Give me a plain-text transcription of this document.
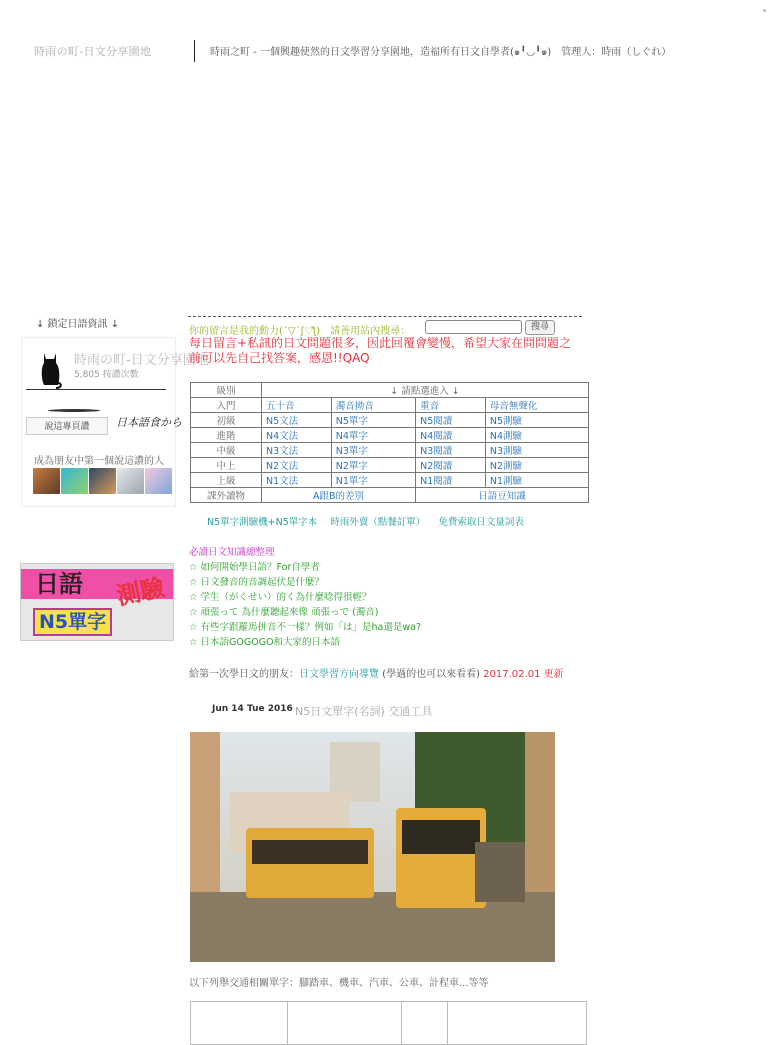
時雨の町-日文分享園地	時雨之町 - 一個興趣使然的日文學習分享園地，造福所有日文自學者(๑╹◡╹๑)　管理人：時雨（しぐれ）
↓ 鎖定日語資訊 ↓
時雨の町-日文分享園地
5,805 按讚次數
說這專頁讚	日本語食から
成為朋友中第一個說這讚的人
日語 測驗
N5單字
你的留言是我的動力(´▽`ʃ♡ƪ)　請善用站內搜尋：	搜尋
每日留言+私訊的日文問題很多，因此回覆會變慢，希望大家在問問題之前可以先自己找答案，感恩!!QAQ
級別	↓ 請點選進入 ↓			
入門	五十音	濁音拗音	重音	母音無聲化
初級	N5文法	N5單字	N5閱讀	N5測驗
進階	N4文法	N4單字	N4閱讀	N4測驗
中級	N3文法	N3單字	N3閱讀	N3測驗
中上	N2文法	N2單字	N2閱讀	N2測驗
上級	N1文法	N1單字	N1閱讀	N1測驗
課外讀物	A跟B的差別		日語豆知識	
N5單字測驗機+N5單字本 時雨外賣（點餐訂單） 免費索取日文量詞表
必讀日文知識總整理
☆ 如何開始學日語？For自學者
☆ 日文發音的音調起伏是什麼？
☆ 学生（がくせい）的く為什麼唸得很輕？
☆ 頑張って 為什麼聽起來像 頑張っで (濁音)
☆ 有些字跟羅馬拼音不一樣？例如「は」是ha還是wa?
☆ 日本語GOGOGO和大家的日本語
給第一次學日文的朋友：日文學習方向導覽 (學過的也可以來看看) 2017.02.01 更新
Jun 14 Tue 2016 N5日文單字(名詞) 交通工具
以下列舉交通相關單字：腳踏車、機車、汽車、公車、計程車...等等
